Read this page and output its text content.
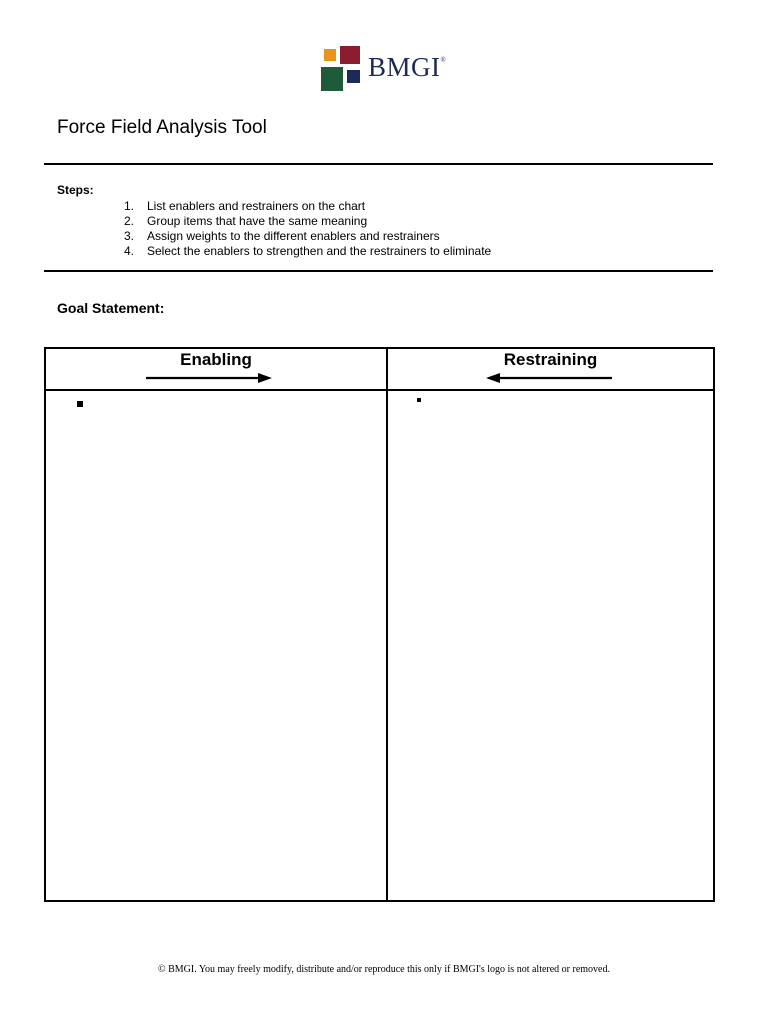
BMGI®
Force Field Analysis Tool
Steps:
1.	List enablers and restrainers on the chart
2.	Group items that have the same meaning
3.	Assign weights to the different enablers and restrainers
4.	Select the enablers to strengthen and the restrainers to eliminate
Goal Statement:
Enabling	Restraining
© BMGI. You may freely modify, distribute and/or reproduce this only if BMGI's logo is not altered or removed.
